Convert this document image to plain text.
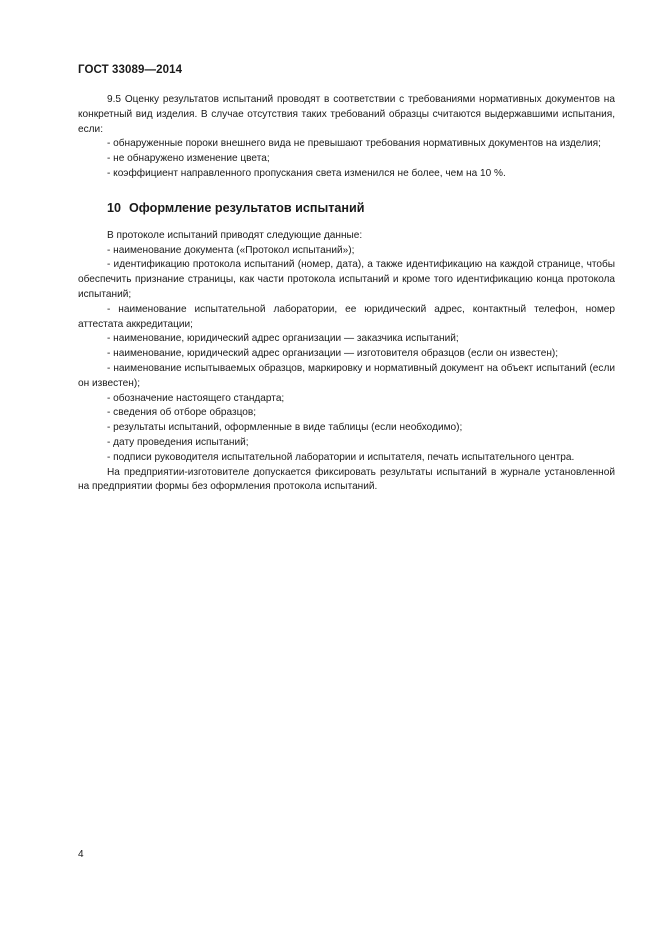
ГОСТ 33089—2014

9.5 Оценку результатов испытаний проводят в соответствии с требованиями нормативных документов на конкретный вид изделия. В случае отсутствия таких требований образцы считаются выдержавшими испытания, если:

- обнаруженные пороки внешнего вида не превышают требования нормативных документов на изделия;

- не обнаружено изменение цвета;

- коэффициент направленного пропускания света изменился не более, чем на 10 %.

10 Оформление результатов испытаний

В протоколе испытаний приводят следующие данные:

- наименование документа («Протокол испытаний»);

- идентификацию протокола испытаний (номер, дата), а также идентификацию на каждой странице, чтобы обеспечить признание страницы, как части протокола испытаний и кроме того идентификацию конца протокола испытаний;

- наименование испытательной лаборатории, ее юридический адрес, контактный телефон, номер аттестата аккредитации;

- наименование, юридический адрес организации — заказчика испытаний;

- наименование, юридический адрес организации — изготовителя образцов (если он известен);

- наименование испытываемых образцов, маркировку и нормативный документ на объект испытаний (если он известен);

- обозначение настоящего стандарта;

- сведения об отборе образцов;

- результаты испытаний, оформленные в виде таблицы (если необходимо);

- дату проведения испытаний;

- подписи руководителя испытательной лаборатории и испытателя, печать испытательного центра.

На предприятии-изготовителе допускается фиксировать результаты испытаний в журнале установленной на предприятии формы без оформления протокола испытаний.

4
